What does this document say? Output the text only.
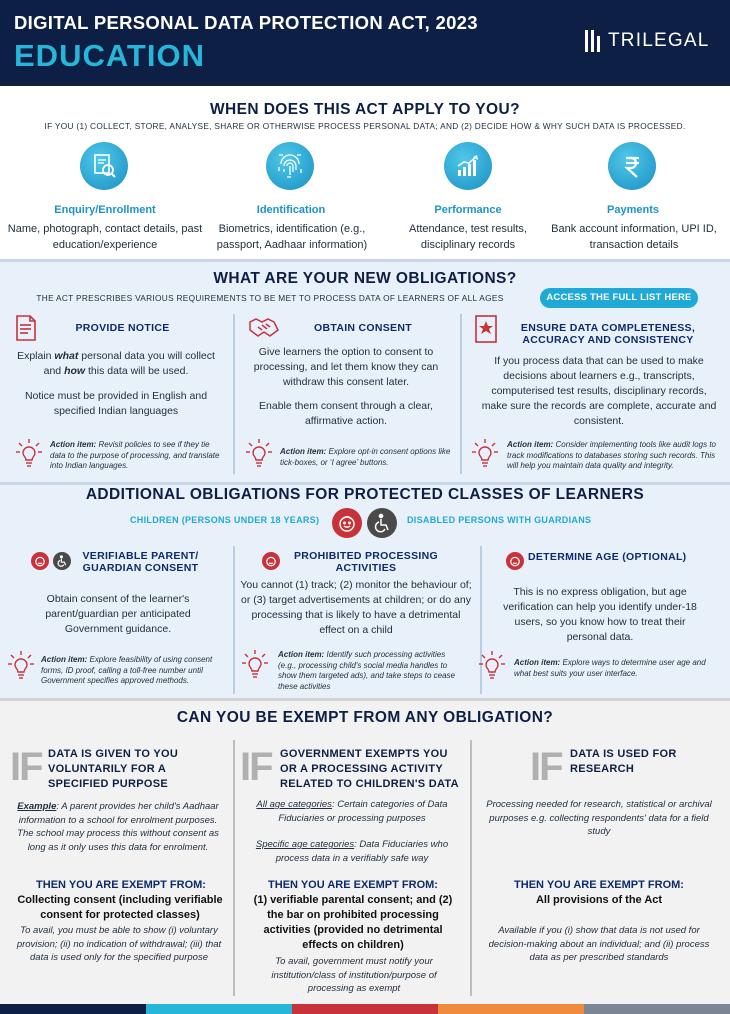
DIGITAL PERSONAL DATA PROTECTION ACT, 2023
EDUCATION	TRILEGAL
WHEN DOES THIS ACT APPLY TO YOU?
IF YOU (1) COLLECT, STORE, ANALYSE, SHARE OR OTHERWISE PROCESS PERSONAL DATA; AND (2) DECIDE HOW & WHY SUCH DATA IS PROCESSED.
Enquiry/Enrollment	Identification	Performance	Payments
Name, photograph, contact details, past education/experience
Biometrics, identification (e.g., passport, Aadhaar information)
Attendance, test results, disciplinary records
Bank account information, UPI ID, transaction details
WHAT ARE YOUR NEW OBLIGATIONS?
THE ACT PRESCRIBES VARIOUS REQUIREMENTS TO BE MET TO PROCESS DATA OF LEARNERS OF ALL AGES	ACCESS THE FULL LIST HERE
PROVIDE NOTICE
Explain what personal data you will collect and how this data will be used.
Notice must be provided in English and specified Indian languages
Action item: Revisit policies to see if they tie data to the purpose of processing, and translate into Indian languages.
OBTAIN CONSENT
Give learners the option to consent to processing, and let them know they can withdraw this consent later.
Enable them consent through a clear, affirmative action.
Action item: Explore opt-in consent options like tick-boxes, or ‘I agree’ buttons.
ENSURE DATA COMPLETENESS, ACCURACY AND CONSISTENCY
If you process data that can be used to make decisions about learners e.g., transcripts, computerised test results, disciplinary records, make sure the records are complete, accurate and consistent.
Action item: Consider implementing tools like audit logs to track modifications to databases storing such records. This will help you maintain data quality and integrity.
ADDITIONAL OBLIGATIONS FOR PROTECTED CLASSES OF LEARNERS
CHILDREN (PERSONS UNDER 18 YEARS)	DISABLED PERSONS WITH GUARDIANS
VERIFIABLE PARENT/ GUARDIAN CONSENT
Obtain consent of the learner's parent/guardian per anticipated Government guidance.
Action item: Explore feasibility of using consent forms, ID proof, calling a toll-free number until Government specifies approved methods.
PROHIBITED PROCESSING ACTIVITIES
You cannot (1) track; (2) monitor the behaviour of; or (3) target advertisements at children; or do any processing that is likely to have a detrimental effect on a child
Action item: Identify such processing activities (e.g., processing child's social media handles to show them targeted ads), and take steps to cease these activities
DETERMINE AGE (OPTIONAL)
This is no express obligation, but age verification can help you identify under-18 users, so you know how to treat their personal data.
Action item: Explore ways to determine user age and what best suits your user interface.
CAN YOU BE EXEMPT FROM ANY OBLIGATION?
IF DATA IS GIVEN TO YOU VOLUNTARILY FOR A SPECIFIED PURPOSE
Example: A parent provides her child's Aadhaar information to a school for enrolment purposes. The school may process this without consent as long as it only uses this data for enrolment.
THEN YOU ARE EXEMPT FROM:
Collecting consent (including verifiable consent for protected classes)
To avail, you must be able to show (i) voluntary provision; (ii) no indication of withdrawal; (iii) that data is used only for the specified purpose
IF GOVERNMENT EXEMPTS YOU OR A PROCESSING ACTIVITY RELATED TO CHILDREN'S DATA
All age categories: Certain categories of Data Fiduciaries or processing purposes
Specific age categories: Data Fiduciaries who process data in a verifiably safe way
THEN YOU ARE EXEMPT FROM:
(1) verifiable parental consent; and (2) the bar on prohibited processing activities (provided no detrimental effects on children)
To avail, government must notify your institution/class of institution/purpose of processing as exempt
IF DATA IS USED FOR RESEARCH
Processing needed for research, statistical or archival purposes e.g. collecting respondents' data for a field study
THEN YOU ARE EXEMPT FROM:
All provisions of the Act
Available if you (i) show that data is not used for decision-making about an individual; and (ii) process data as per prescribed standards
